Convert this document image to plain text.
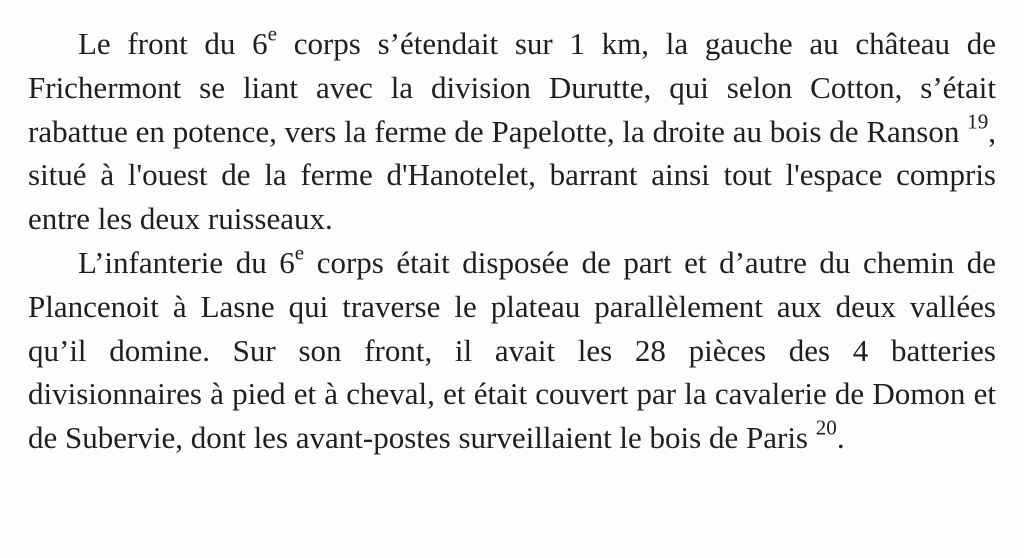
Le front du 6e corps s’étendait sur 1 km, la gauche au château de Frichermont se liant avec la division Durutte, qui selon Cotton, s’était rabattue en potence, vers la ferme de Papelotte, la droite au bois de Ranson $^{19}$, situé à l'ouest de la ferme d'Hanotelet, barrant ainsi tout l'espace compris entre les deux ruisseaux.

L’infanterie du 6e corps était disposée de part et d’autre du chemin de Plancenoit à Lasne qui traverse le plateau parallèlement aux deux vallées qu’il domine. Sur son front, il avait les 28 pièces des 4 batteries divisionnaires à pied et à cheval, et était couvert par la cavalerie de Domon et de Subervie, dont les avant-postes surveillaient le bois de Paris $^{20}$.
